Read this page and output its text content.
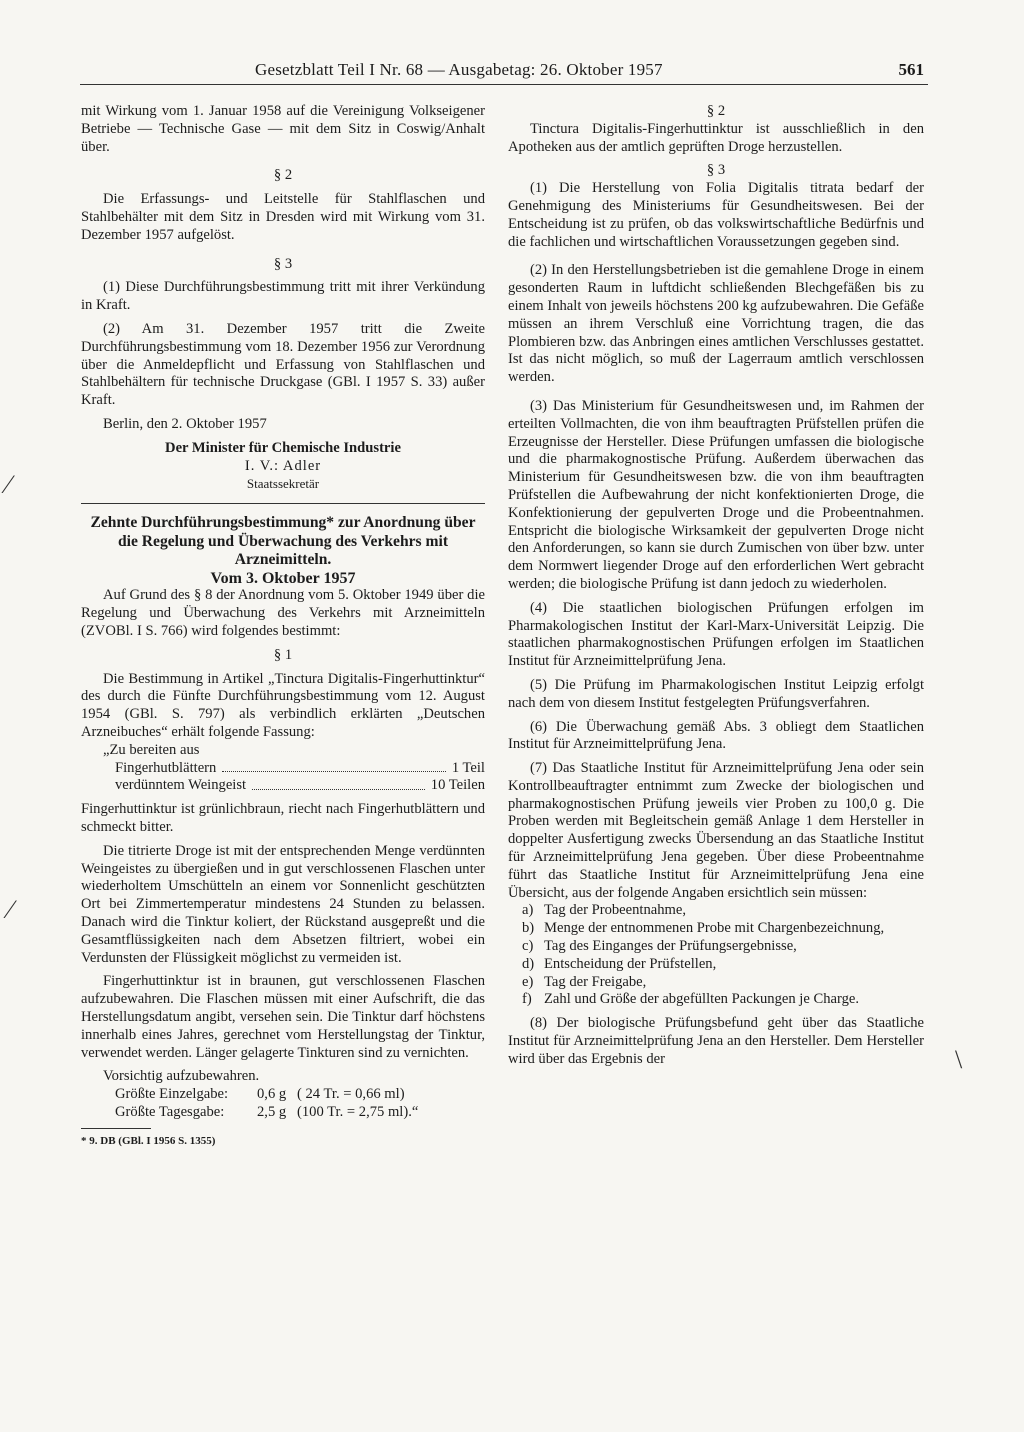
Gesetzblatt Teil I Nr. 68 — Ausgabetag: 26. Oktober 1957	561

mit Wirkung vom 1. Januar 1958 auf die Vereinigung Volkseigener Betriebe — Technische Gase — mit dem Sitz in Coswig/Anhalt über.

§ 2

Die Erfassungs- und Leitstelle für Stahlflaschen und Stahlbehälter mit dem Sitz in Dresden wird mit Wirkung vom 31. Dezember 1957 aufgelöst.

§ 3

(1) Diese Durchführungsbestimmung tritt mit ihrer Verkündung in Kraft.

(2) Am 31. Dezember 1957 tritt die Zweite Durchführungsbestimmung vom 18. Dezember 1956 zur Verordnung über die Anmeldepflicht und Erfassung von Stahlflaschen und Stahlbehältern für technische Druckgase (GBl. I 1957 S. 33) außer Kraft.

Berlin, den 2. Oktober 1957

Der Minister für Chemische Industrie

I. V.: Adler

Staatssekretär

Zehnte Durchführungsbestimmung* zur Anordnung über die Regelung und Überwachung des Verkehrs mit Arzneimitteln.

Vom 3. Oktober 1957

Auf Grund des § 8 der Anordnung vom 5. Oktober 1949 über die Regelung und Überwachung des Verkehrs mit Arzneimitteln (ZVOBl. I S. 766) wird folgendes bestimmt:

§ 1

Die Bestimmung in Artikel „Tinctura Digitalis-Fingerhuttinktur“ des durch die Fünfte Durchführungsbestimmung vom 12. August 1954 (GBl. S. 797) als verbindlich erklärten „Deutschen Arzneibuches“ erhält folgende Fassung:

„Zu bereiten aus

Fingerhutblättern	1 Teil
verdünntem Weingeist	10 Teilen

Fingerhuttinktur ist grünlichbraun, riecht nach Fingerhutblättern und schmeckt bitter.

Die titrierte Droge ist mit der entsprechenden Menge verdünnten Weingeistes zu übergießen und in gut verschlossenen Flaschen unter wiederholtem Umschütteln an einem vor Sonnenlicht geschützten Ort bei Zimmertemperatur mindestens 24 Stunden zu belassen. Danach wird die Tinktur koliert, der Rückstand ausgepreßt und die Gesamtflüssigkeiten nach dem Absetzen filtriert, wobei ein Verdunsten der Flüssigkeit möglichst zu vermeiden ist.

Fingerhuttinktur ist in braunen, gut verschlossenen Flaschen aufzubewahren. Die Flaschen müssen mit einer Aufschrift, die das Herstellungsdatum angibt, versehen sein. Die Tinktur darf höchstens innerhalb eines Jahres, gerechnet vom Herstellungstag der Tinktur, verwendet werden. Länger gelagerte Tinkturen sind zu vernichten.

Vorsichtig aufzubewahren.

Größte Einzelgabe:	0,6 g ( 24 Tr. = 0,66 ml)
Größte Tagesgabe:	2,5 g (100 Tr. = 2,75 ml).“

* 9. DB (GBl. I 1956 S. 1355)

§ 2

Tinctura Digitalis-Fingerhuttinktur ist ausschließlich in den Apotheken aus der amtlich geprüften Droge herzustellen.

§ 3

(1) Die Herstellung von Folia Digitalis titrata bedarf der Genehmigung des Ministeriums für Gesundheitswesen. Bei der Entscheidung ist zu prüfen, ob das volkswirtschaftliche Bedürfnis und die fachlichen und wirtschaftlichen Voraussetzungen gegeben sind.

(2) In den Herstellungsbetrieben ist die gemahlene Droge in einem gesonderten Raum in luftdicht schließenden Blechgefäßen bis zu einem Inhalt von jeweils höchstens 200 kg aufzubewahren. Die Gefäße müssen an ihrem Verschluß eine Vorrichtung tragen, die das Plombieren bzw. das Anbringen eines amtlichen Verschlusses gestattet. Ist das nicht möglich, so muß der Lagerraum amtlich verschlossen werden.

(3) Das Ministerium für Gesundheitswesen und, im Rahmen der erteilten Vollmachten, die von ihm beauftragten Prüfstellen prüfen die Erzeugnisse der Hersteller. Diese Prüfungen umfassen die biologische und die pharmakognostische Prüfung. Außerdem überwachen das Ministerium für Gesundheitswesen bzw. die von ihm beauftragten Prüfstellen die Aufbewahrung der nicht konfektionierten Droge, die Konfektionierung der gepulverten Droge und die Probeentnahmen. Entspricht die biologische Wirksamkeit der gepulverten Droge nicht den Anforderungen, so kann sie durch Zumischen von über bzw. unter dem Normwert liegender Droge auf den erforderlichen Wert gebracht werden; die biologische Prüfung ist dann jedoch zu wiederholen.

(4) Die staatlichen biologischen Prüfungen erfolgen im Pharmakologischen Institut der Karl-Marx-Universität Leipzig. Die staatlichen pharmakognostischen Prüfungen erfolgen im Staatlichen Institut für Arzneimittelprüfung Jena.

(5) Die Prüfung im Pharmakologischen Institut Leipzig erfolgt nach dem von diesem Institut festgelegten Prüfungsverfahren.

(6) Die Überwachung gemäß Abs. 3 obliegt dem Staatlichen Institut für Arzneimittelprüfung Jena.

(7) Das Staatliche Institut für Arzneimittelprüfung Jena oder sein Kontrollbeauftragter entnimmt zum Zwecke der biologischen und pharmakognostischen Prüfung jeweils vier Proben zu 100,0 g. Die Proben werden mit Begleitschein gemäß Anlage 1 dem Hersteller in doppelter Ausfertigung zwecks Übersendung an das Staatliche Institut für Arzneimittelprüfung Jena gegeben. Über diese Probeentnahme führt das Staatliche Institut für Arzneimittelprüfung Jena eine Übersicht, aus der folgende Angaben ersichtlich sein müssen:

a) Tag der Probeentnahme,
b) Menge der entnommenen Probe mit Chargenbezeichnung,
c) Tag des Einganges der Prüfungsergebnisse,
d) Entscheidung der Prüfstellen,
e) Tag der Freigabe,
f) Zahl und Größe der abgefüllten Packungen je Charge.

(8) Der biologische Prüfungsbefund geht über das Staatliche Institut für Arzneimittelprüfung Jena an den Hersteller. Dem Hersteller wird über das Ergebnis der

⁄
⁄
\
